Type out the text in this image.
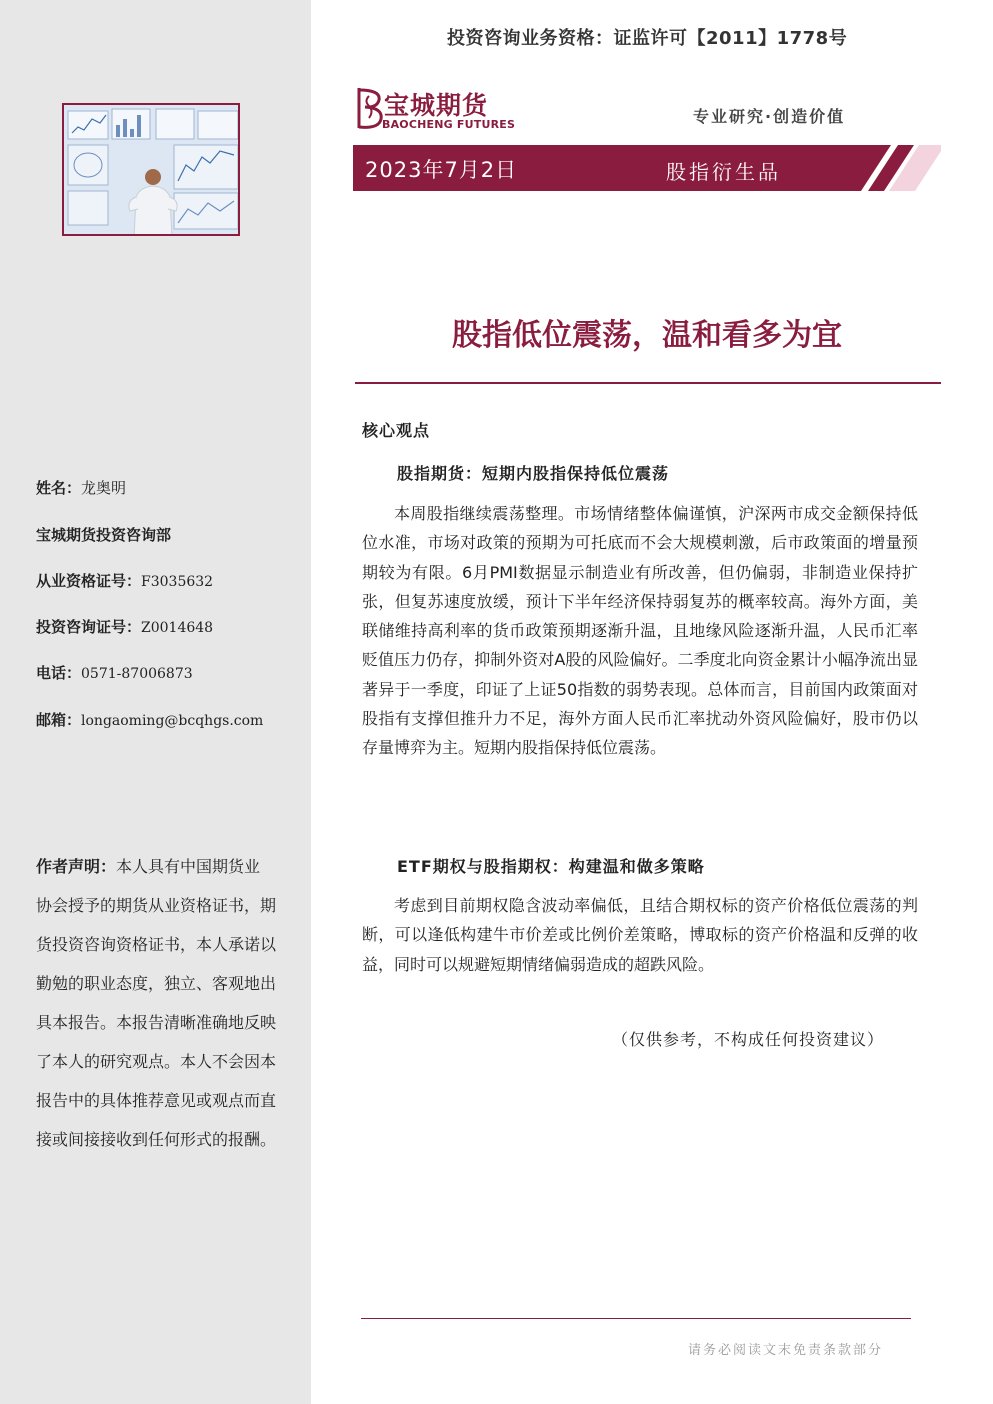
姓名：龙奥明
宝城期货投资咨询部
从业资格证号：F3035632
投资咨询证号：Z0014648
电话：0571-87006873
邮箱：longaoming@bcqhgs.com
作者声明：本人具有中国期货业协会授予的期货从业资格证书，期货投资咨询资格证书，本人承诺以勤勉的职业态度，独立、客观地出具本报告。本报告清晰准确地反映了本人的研究观点。本人不会因本报告中的具体推荐意见或观点而直接或间接接收到任何形式的报酬。
投资咨询业务资格：证监许可【2011】1778号
宝城期货
BAOCHENG FUTURES	专业研究·创造价值
2023年7月2日	股指衍生品
股指低位震荡，温和看多为宜
核心观点
股指期货：短期内股指保持低位震荡
本周股指继续震荡整理。市场情绪整体偏谨慎，沪深两市成交金额保持低位水准，市场对政策的预期为可托底而不会大规模刺激，后市政策面的增量预期较为有限。6月PMI数据显示制造业有所改善，但仍偏弱，非制造业保持扩张，但复苏速度放缓，预计下半年经济保持弱复苏的概率较高。海外方面，美联储维持高利率的货币政策预期逐渐升温，且地缘风险逐渐升温，人民币汇率贬值压力仍存，抑制外资对A股的风险偏好。二季度北向资金累计小幅净流出显著异于一季度，印证了上证50指数的弱势表现。总体而言，目前国内政策面对股指有支撑但推升力不足，海外方面人民币汇率扰动外资风险偏好，股市仍以存量博弈为主。短期内股指保持低位震荡。
ETF期权与股指期权：构建温和做多策略
考虑到目前期权隐含波动率偏低，且结合期权标的资产价格低位震荡的判断，可以逢低构建牛市价差或比例价差策略，博取标的资产价格温和反弹的收益，同时可以规避短期情绪偏弱造成的超跌风险。
（仅供参考，不构成任何投资建议）
请务必阅读文末免责条款部分
